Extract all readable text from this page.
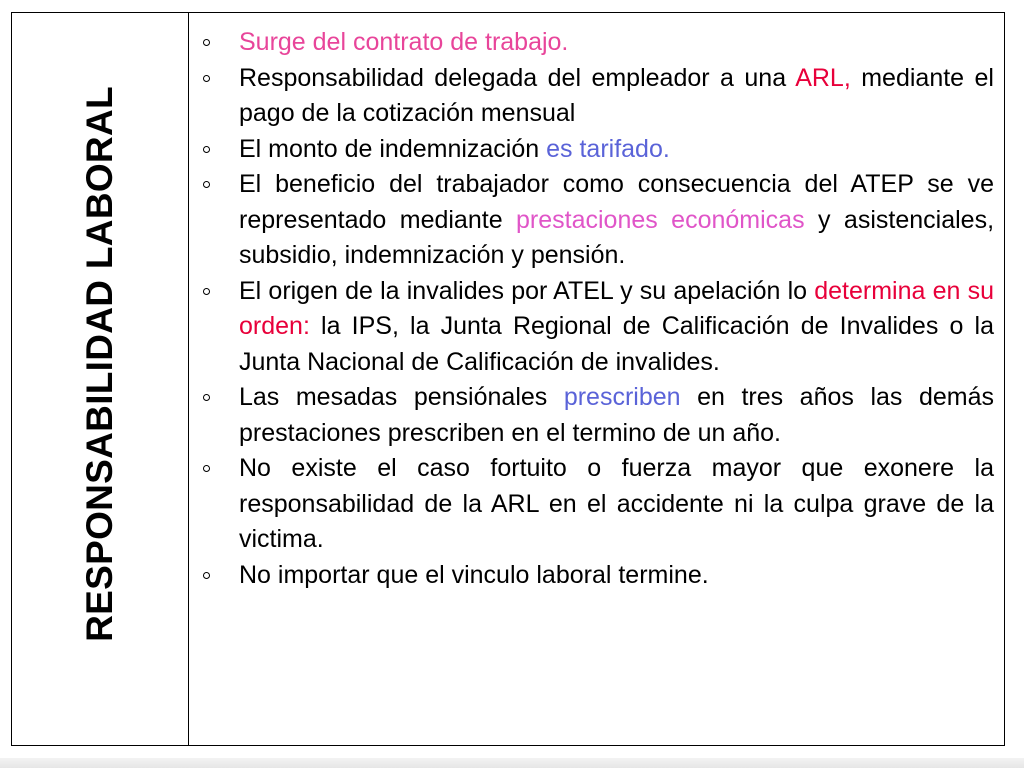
RESPONSABILIDAD LABORAL
Surge del contrato de trabajo.
Responsabilidad delegada del empleador a una ARL, mediante el pago de la cotización mensual
El monto de indemnización es tarifado.
El beneficio del trabajador como consecuencia del ATEP se ve representado mediante prestaciones económicas y asistenciales, subsidio, indemnización y pensión.
El origen de la invalides por ATEL y su apelación lo determina en su orden: la IPS, la Junta Regional de Calificación de Invalides o la Junta Nacional de Calificación de invalides.
Las mesadas pensiónales prescriben en tres años las demás prestaciones prescriben en el termino de un año.
No existe el caso fortuito o fuerza mayor que exonere la responsabilidad de la ARL en el accidente ni la culpa grave de la victima.
No importar que el vinculo laboral termine.
